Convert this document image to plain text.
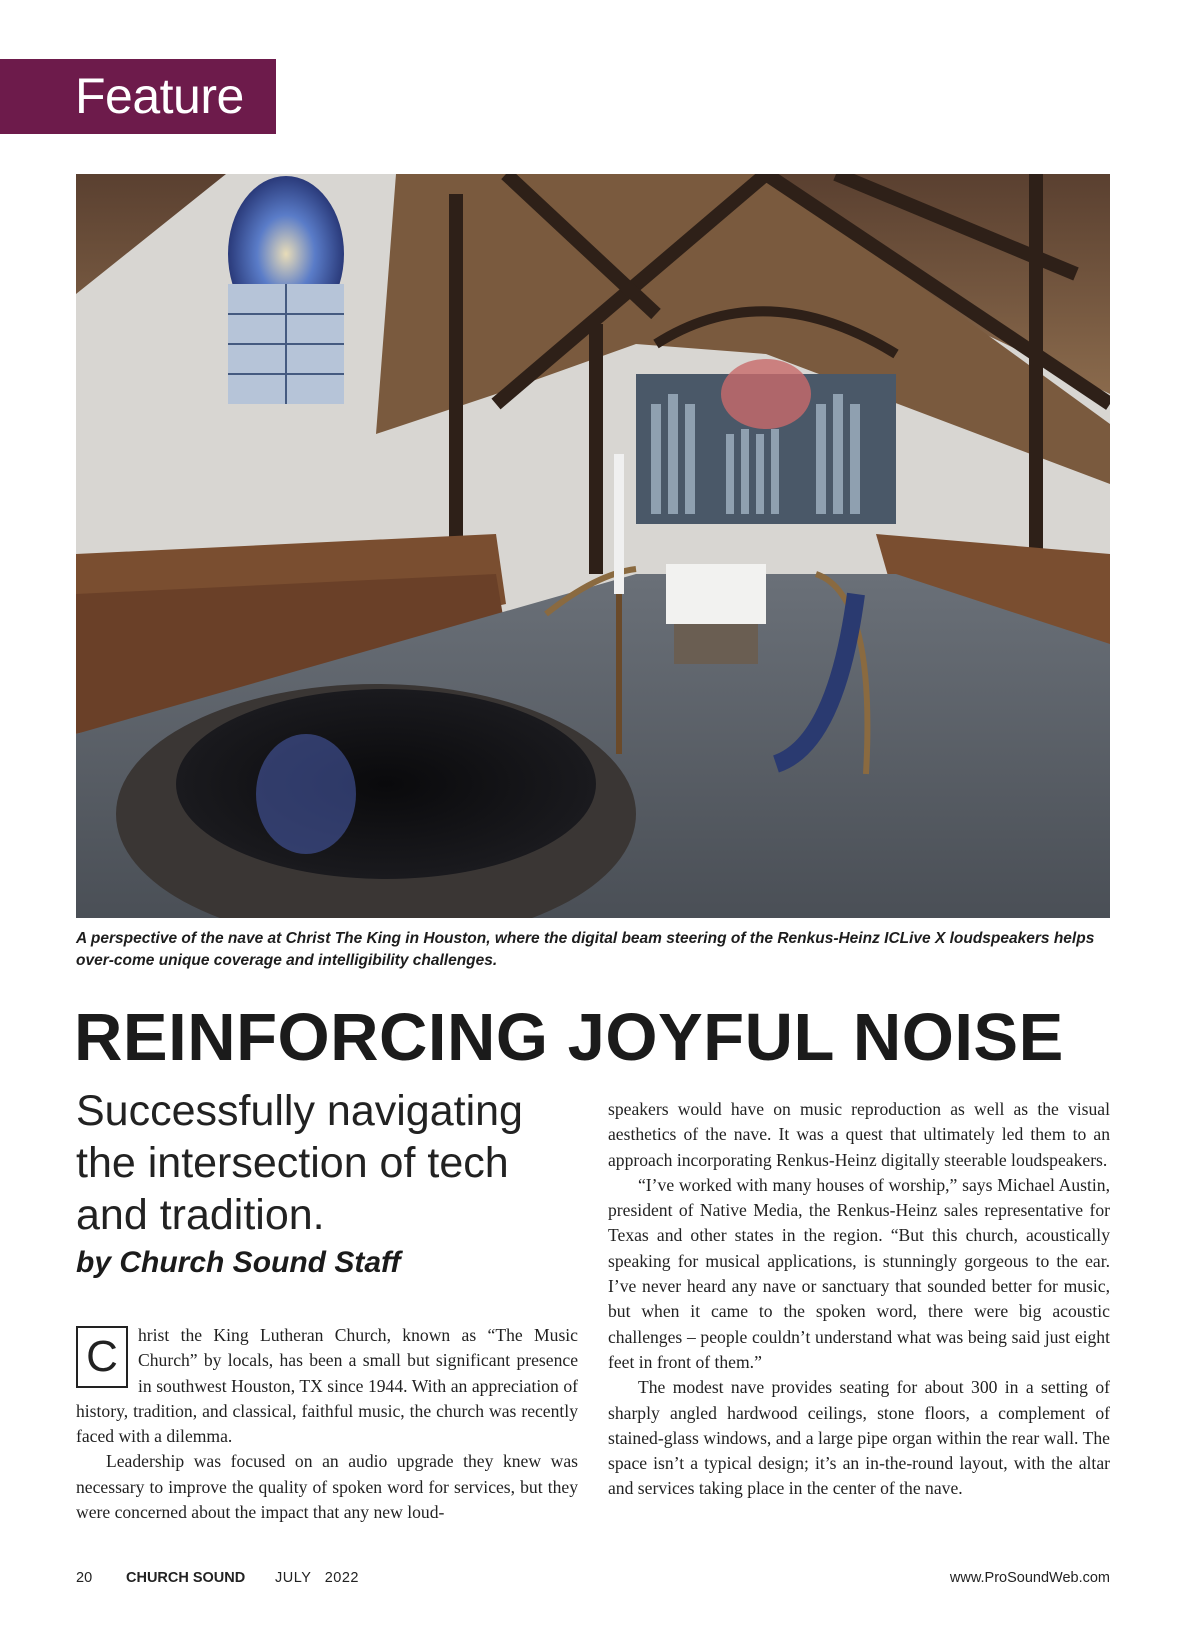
Feature
A perspective of the nave at Christ The King in Houston, where the digital beam steering of the Renkus-Heinz ICLive X loudspeakers helps over-come unique coverage and intelligibility challenges.
REINFORCING JOYFUL NOISE
Successfully navigating the intersection of tech and tradition.
by Church Sound Staff

C	hrist the King Lutheran Church, known as “The Music Church” by locals, has been a small but significant presence in southwest Houston, TX since 1944. With an appreciation of history, tradition, and classical, faithful music, the church was recently faced with a dilemma.

Leadership was focused on an audio upgrade they knew was necessary to improve the quality of spoken word for services, but they were concerned about the impact that any new loud-

speakers would have on music reproduction as well as the visual aesthetics of the nave. It was a quest that ultimately led them to an approach incorporating Renkus-Heinz digitally steerable loudspeakers.

“I’ve worked with many houses of worship,” says Michael Austin, president of Native Media, the Renkus-Heinz sales representative for Texas and other states in the region. “But this church, acoustically speaking for musical applications, is stunningly gorgeous to the ear. I’ve never heard any nave or sanctuary that sounded better for music, but when it came to the spoken word, there were big acoustic challenges – people couldn’t understand what was being said just eight feet in front of them.”

The modest nave provides seating for about 300 in a setting of sharply angled hardwood ceilings, stone floors, a complement of stained-glass windows, and a large pipe organ within the rear wall. The space isn’t a typical design; it’s an in-the-round layout, with the altar and services taking place in the center of the nave.

20 CHURCH SOUND JULY   2022	www.ProSoundWeb.com
